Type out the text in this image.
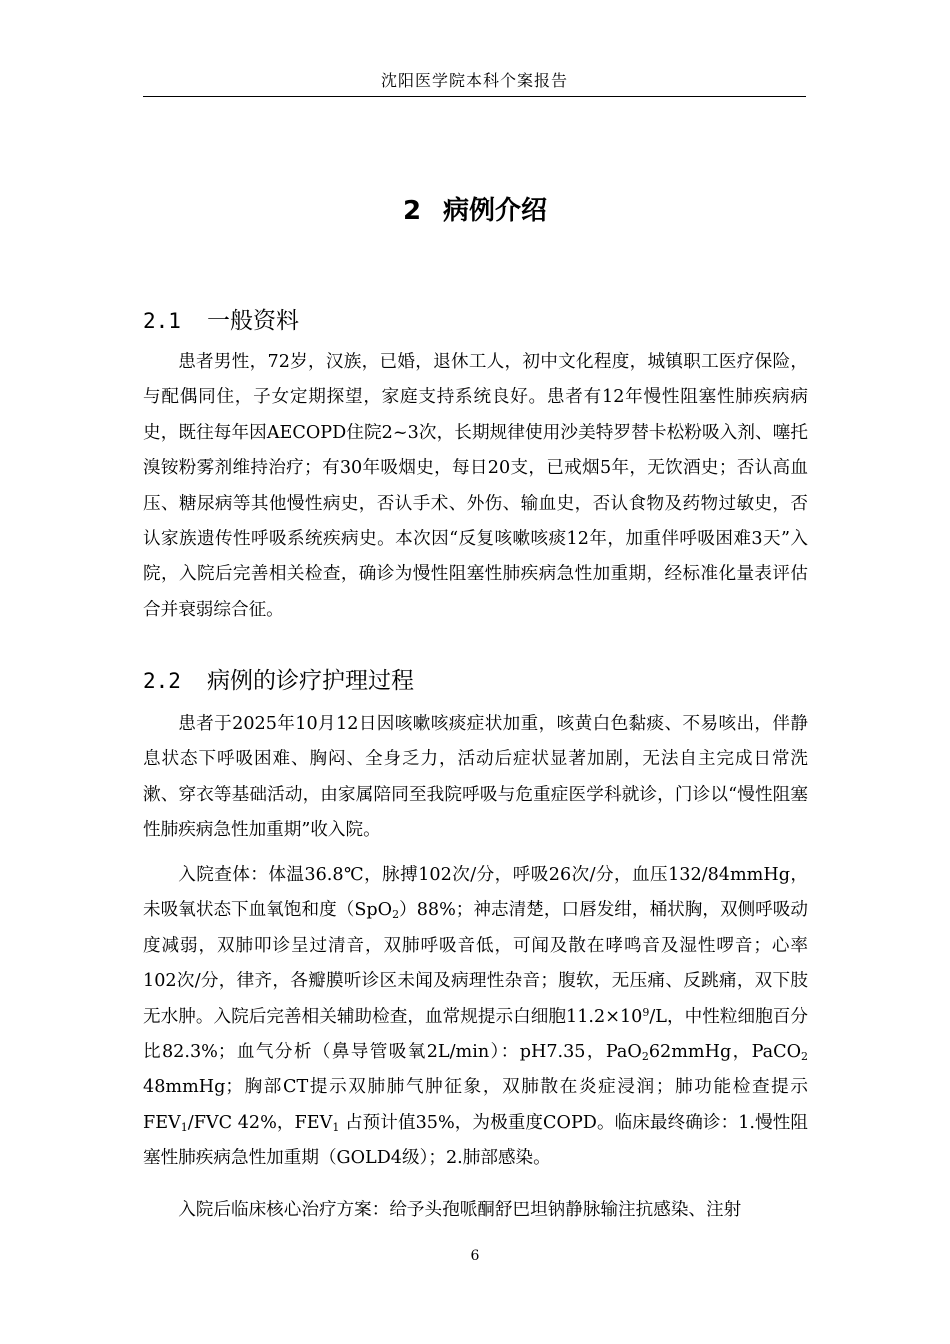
沈阳医学院本科个案报告
2 病例介绍
2.1 一般资料

患者男性，72岁，汉族，已婚，退休工人，初中文化程度，城镇职工医疗保险，与配偶同住，子女定期探望，家庭支持系统良好。患者有12年慢性阻塞性肺疾病病史，既往每年因AECOPD住院2~3次，长期规律使用沙美特罗替卡松粉吸入剂、噻托溴铵粉雾剂维持治疗；有30年吸烟史，每日20支，已戒烟5年，无饮酒史；否认高血压、糖尿病等其他慢性病史，否认手术、外伤、输血史，否认食物及药物过敏史，否认家族遗传性呼吸系统疾病史。本次因“反复咳嗽咳痰12年，加重伴呼吸困难3天”入院，入院后完善相关检查，确诊为慢性阻塞性肺疾病急性加重期，经标准化量表评估合并衰弱综合征。

2.2 病例的诊疗护理过程

患者于2025年10月12日因咳嗽咳痰症状加重，咳黄白色黏痰、不易咳出，伴静息状态下呼吸困难、胸闷、全身乏力，活动后症状显著加剧，无法自主完成日常洗漱、穿衣等基础活动，由家属陪同至我院呼吸与危重症医学科就诊，门诊以“慢性阻塞性肺疾病急性加重期”收入院。

入院查体：体温36.8℃，脉搏102次/分，呼吸26次/分，血压132/84mmHg，未吸氧状态下血氧饱和度（SpO$_2$）88%；神志清楚，口唇发绀，桶状胸，双侧呼吸动度减弱，双肺叩诊呈过清音，双肺呼吸音低，可闻及散在哮鸣音及湿性啰音；心率102次/分，律齐，各瓣膜听诊区未闻及病理性杂音；腹软，无压痛、反跳痛，双下肢无水肿。入院后完善相关辅助检查，血常规提示白细胞$11.2\times 10^9/L$，中性粒细胞百分比82.3%；血气分析（鼻导管吸氧2L/min）：pH7.35，PaO$_2$62mmHg，PaCO$_2$ 48mmHg；胸部CT提示双肺肺气肿征象，双肺散在炎症浸润；肺功能检查提示$FEV_1$/FVC 42%，$FEV_1$ 占预计值35%，为极重度COPD。临床最终确诊：1.慢性阻塞性肺疾病急性加重期（GOLD4级）；2.肺部感染。

入院后临床核心治疗方案：给予头孢哌酮舒巴坦钠静脉输注抗感染、注射

6
